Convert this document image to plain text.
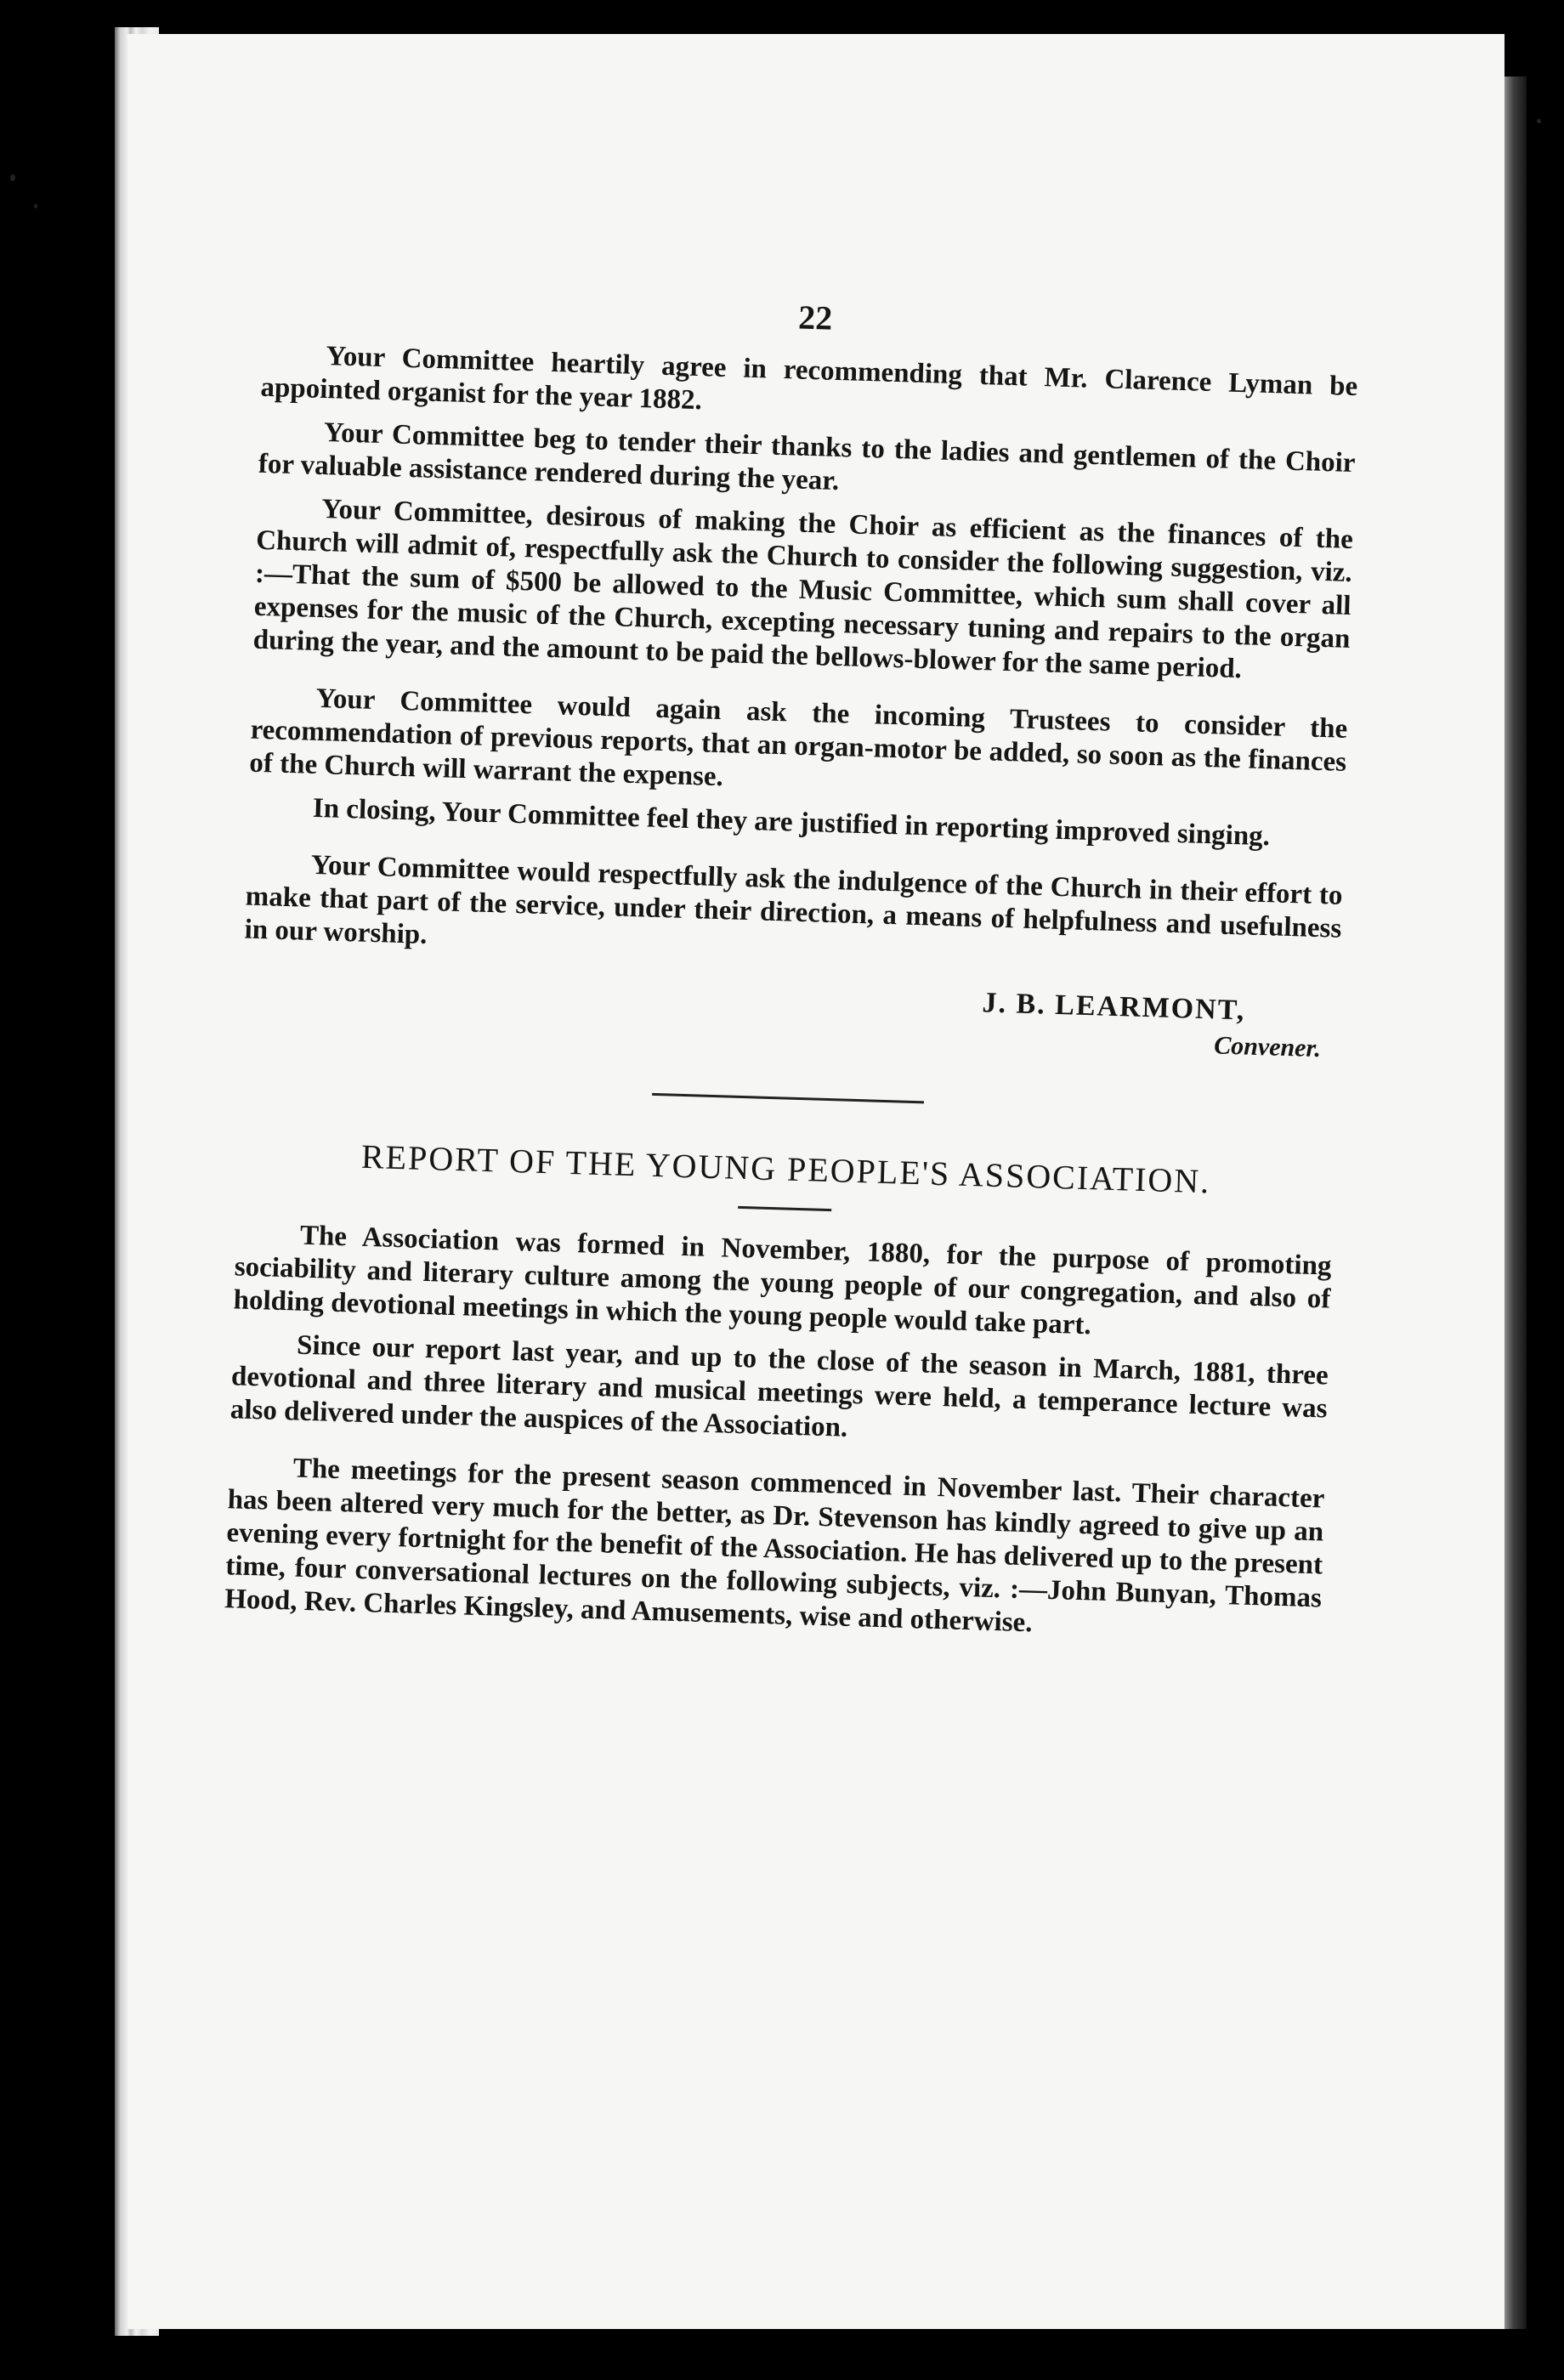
22

Your Committee heartily agree in recommending that Mr. Clarence Lyman be appointed organist for the year 1882.

Your Committee beg to tender their thanks to the ladies and gentlemen of the Choir for valuable assistance rendered during the year.

Your Committee, desirous of making the Choir as efficient as the finances of the Church will admit of, respectfully ask the Church to consider the following suggestion, viz. :—That the sum of $500 be allowed to the Music Committee, which sum shall cover all expenses for the music of the Church, excepting necessary tuning and repairs to the organ during the year, and the amount to be paid the bellows-blower for the same period.

Your Committee would again ask the incoming Trustees to consider the recommendation of previous reports, that an organ-motor be added, so soon as the finances of the Church will warrant the expense.

In closing, Your Committee feel they are justified in reporting improved singing.

Your Committee would respectfully ask the indulgence of the Church in their effort to make that part of the service, under their direction, a means of helpfulness and usefulness in our worship.

J. B. LEARMONT,
Convener.
REPORT OF THE YOUNG PEOPLE'S ASSOCIATION.

The Association was formed in November, 1880, for the purpose of promoting sociability and literary culture among the young people of our congregation, and also of holding devotional meetings in which the young people would take part.

Since our report last year, and up to the close of the season in March, 1881, three devotional and three literary and musical meetings were held, a temperance lecture was also delivered under the auspices of the Association.

The meetings for the present season commenced in November last. Their character has been altered very much for the better, as Dr. Stevenson has kindly agreed to give up an evening every fortnight for the benefit of the Association. He has delivered up to the present time, four conversational lectures on the following subjects, viz. :—John Bunyan, Thomas Hood, Rev. Charles Kingsley, and Amusements, wise and otherwise.
